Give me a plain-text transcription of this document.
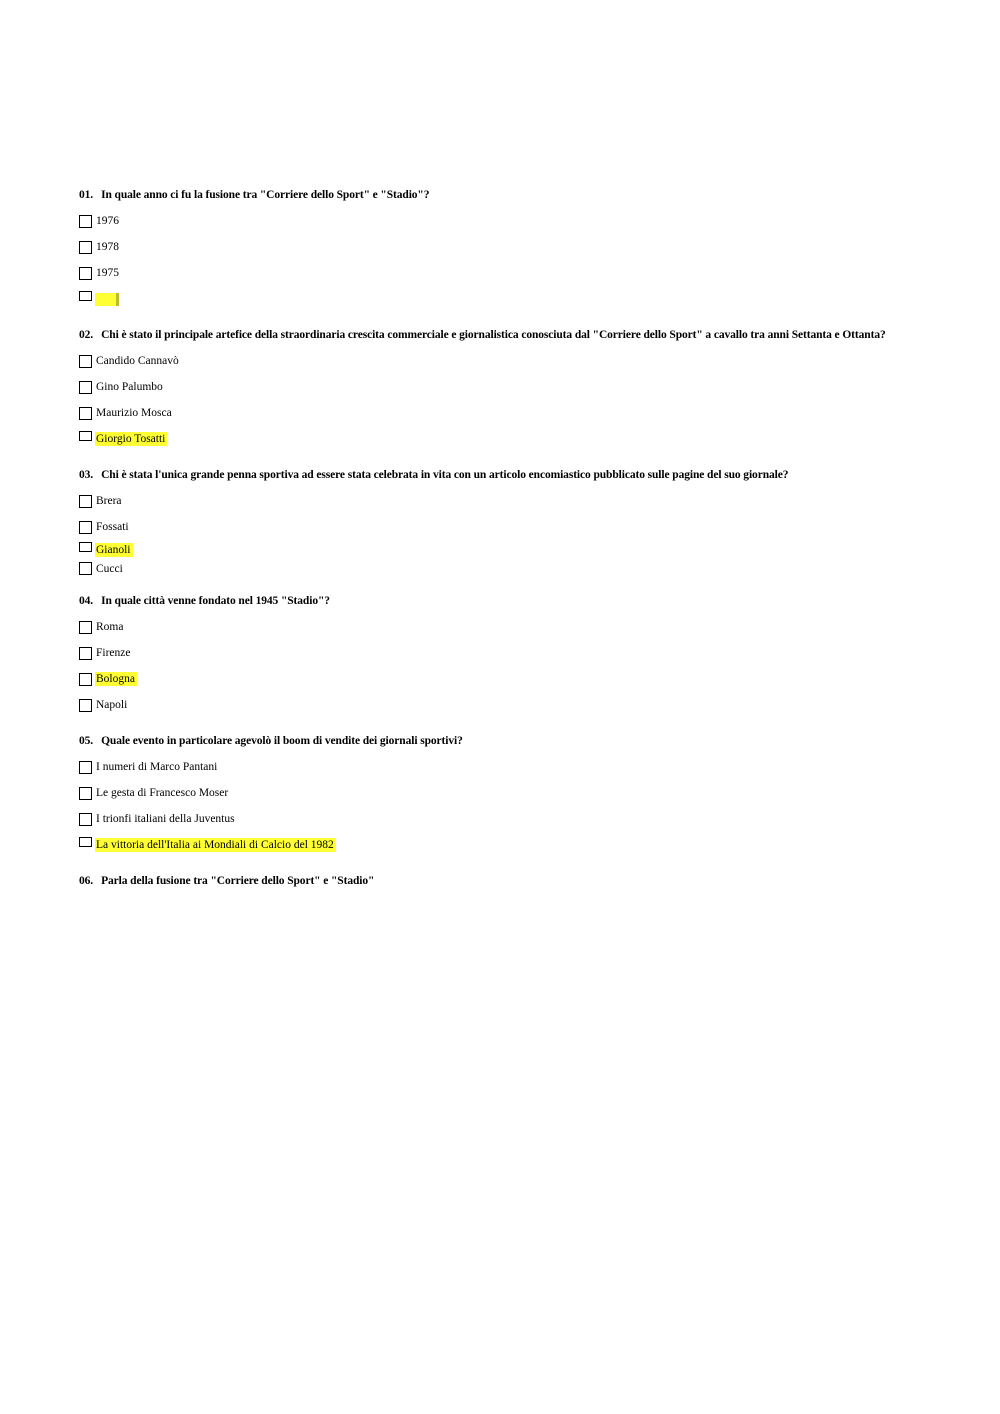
01. In quale anno ci fu la fusione tra "Corriere dello Sport" e "Stadio"?
1976
1978
1975
02. Chi è stato il principale artefice della straordinaria crescita commerciale e giornalistica conosciuta dal "Corriere dello Sport" a cavallo tra anni Settanta e Ottanta?
Candido Cannavò
Gino Palumbo
Maurizio Mosca
Giorgio Tosatti
03. Chi è stata l'unica grande penna sportiva ad essere stata celebrata in vita con un articolo encomiastico pubblicato sulle pagine del suo giornale?
Brera
Fossati
Gianoli
Cucci
04. In quale città venne fondato nel 1945 "Stadio"?
Roma
Firenze
Bologna
Napoli
05. Quale evento in particolare agevolò il boom di vendite dei giornali sportivi?
I numeri di Marco Pantani
Le gesta di Francesco Moser
I trionfi italiani della Juventus
La vittoria dell'Italia ai Mondiali di Calcio del 1982
06. Parla della fusione tra "Corriere dello Sport" e "Stadio"
